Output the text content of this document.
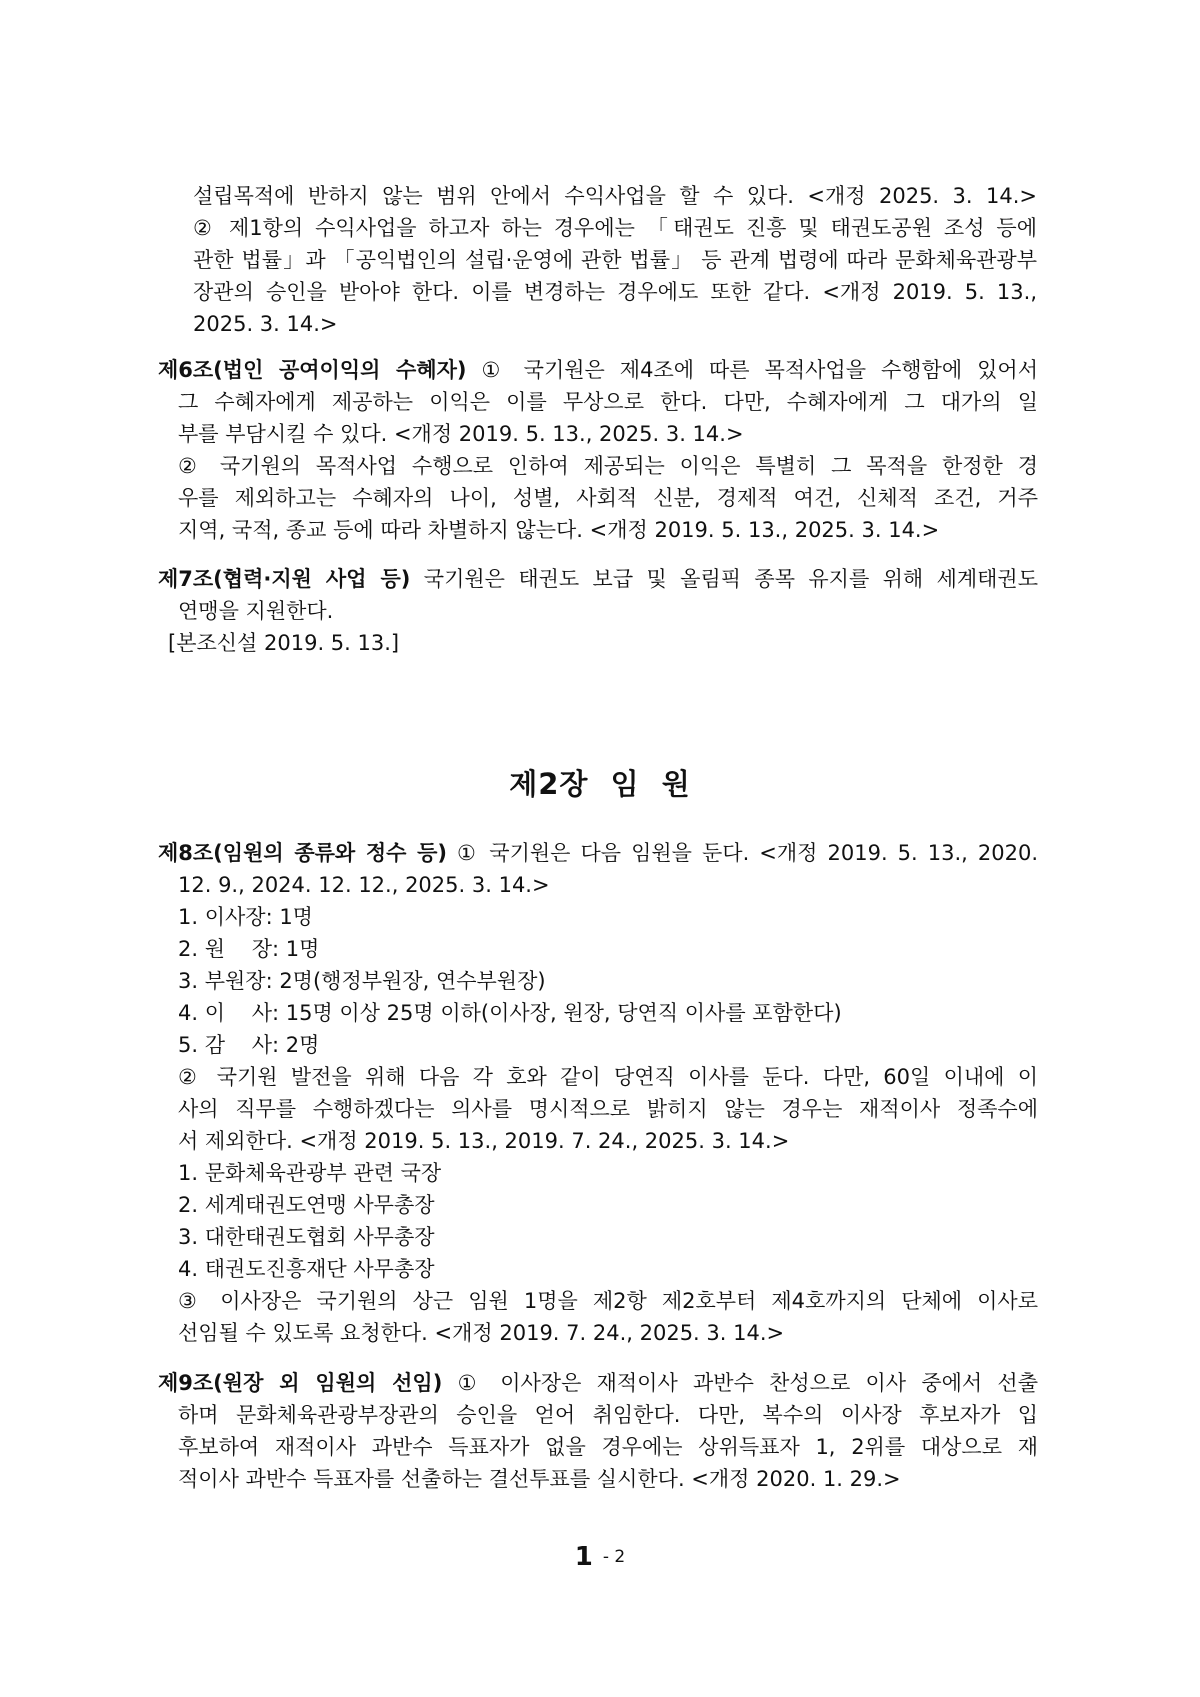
설립목적에 반하지 않는 범위 안에서 수익사업을 할 수 있다. <개정 2025. 3. 14.>
② 제1항의 수익사업을 하고자 하는 경우에는 「태권도 진흥 및 태권도공원 조성 등에
관한 법률」과 「공익법인의 설립·운영에 관한 법률」 등 관계 법령에 따라 문화체육관광부
장관의 승인을 받아야 한다. 이를 변경하는 경우에도 또한 같다. <개정 2019. 5. 13.,
2025. 3. 14.>
제6조(법인 공여이익의 수혜자) ① 국기원은 제4조에 따른 목적사업을 수행함에 있어서
그 수혜자에게 제공하는 이익은 이를 무상으로 한다. 다만, 수혜자에게 그 대가의 일
부를 부담시킬 수 있다. <개정 2019. 5. 13., 2025. 3. 14.>
② 국기원의 목적사업 수행으로 인하여 제공되는 이익은 특별히 그 목적을 한정한 경
우를 제외하고는 수혜자의 나이, 성별, 사회적 신분, 경제적 여건, 신체적 조건, 거주
지역, 국적, 종교 등에 따라 차별하지 않는다. <개정 2019. 5. 13., 2025. 3. 14.>
제7조(협력·지원 사업 등) 국기원은 태권도 보급 및 올림픽 종목 유지를 위해 세계태권도
연맹을 지원한다.
[본조신설 2019. 5. 13.]
제2장  임  원
제8조(임원의 종류와 정수 등) ① 국기원은 다음 임원을 둔다. <개정 2019. 5. 13., 2020.
12. 9., 2024. 12. 12., 2025. 3. 14.>
1. 이사장: 1명
2. 원    장: 1명
3. 부원장: 2명(행정부원장, 연수부원장)
4. 이    사: 15명 이상 25명 이하(이사장, 원장, 당연직 이사를 포함한다)
5. 감    사: 2명
② 국기원 발전을 위해 다음 각 호와 같이 당연직 이사를 둔다. 다만, 60일 이내에 이
사의 직무를 수행하겠다는 의사를 명시적으로 밝히지 않는 경우는 재적이사 정족수에
서 제외한다. <개정 2019. 5. 13., 2019. 7. 24., 2025. 3. 14.>
1. 문화체육관광부 관련 국장
2. 세계태권도연맹 사무총장
3. 대한태권도협회 사무총장
4. 태권도진흥재단 사무총장
③ 이사장은 국기원의 상근 임원 1명을 제2항 제2호부터 제4호까지의 단체에 이사로
선임될 수 있도록 요청한다. <개정 2019. 7. 24., 2025. 3. 14.>
제9조(원장 외 임원의 선임) ① 이사장은 재적이사 과반수 찬성으로 이사 중에서 선출
하며 문화체육관광부장관의 승인을 얻어 취임한다. 다만, 복수의 이사장 후보자가 입
후보하여 재적이사 과반수 득표자가 없을 경우에는 상위득표자 1, 2위를 대상으로 재
적이사 과반수 득표자를 선출하는 결선투표를 실시한다. <개정 2020. 1. 29.>
1 - 2
